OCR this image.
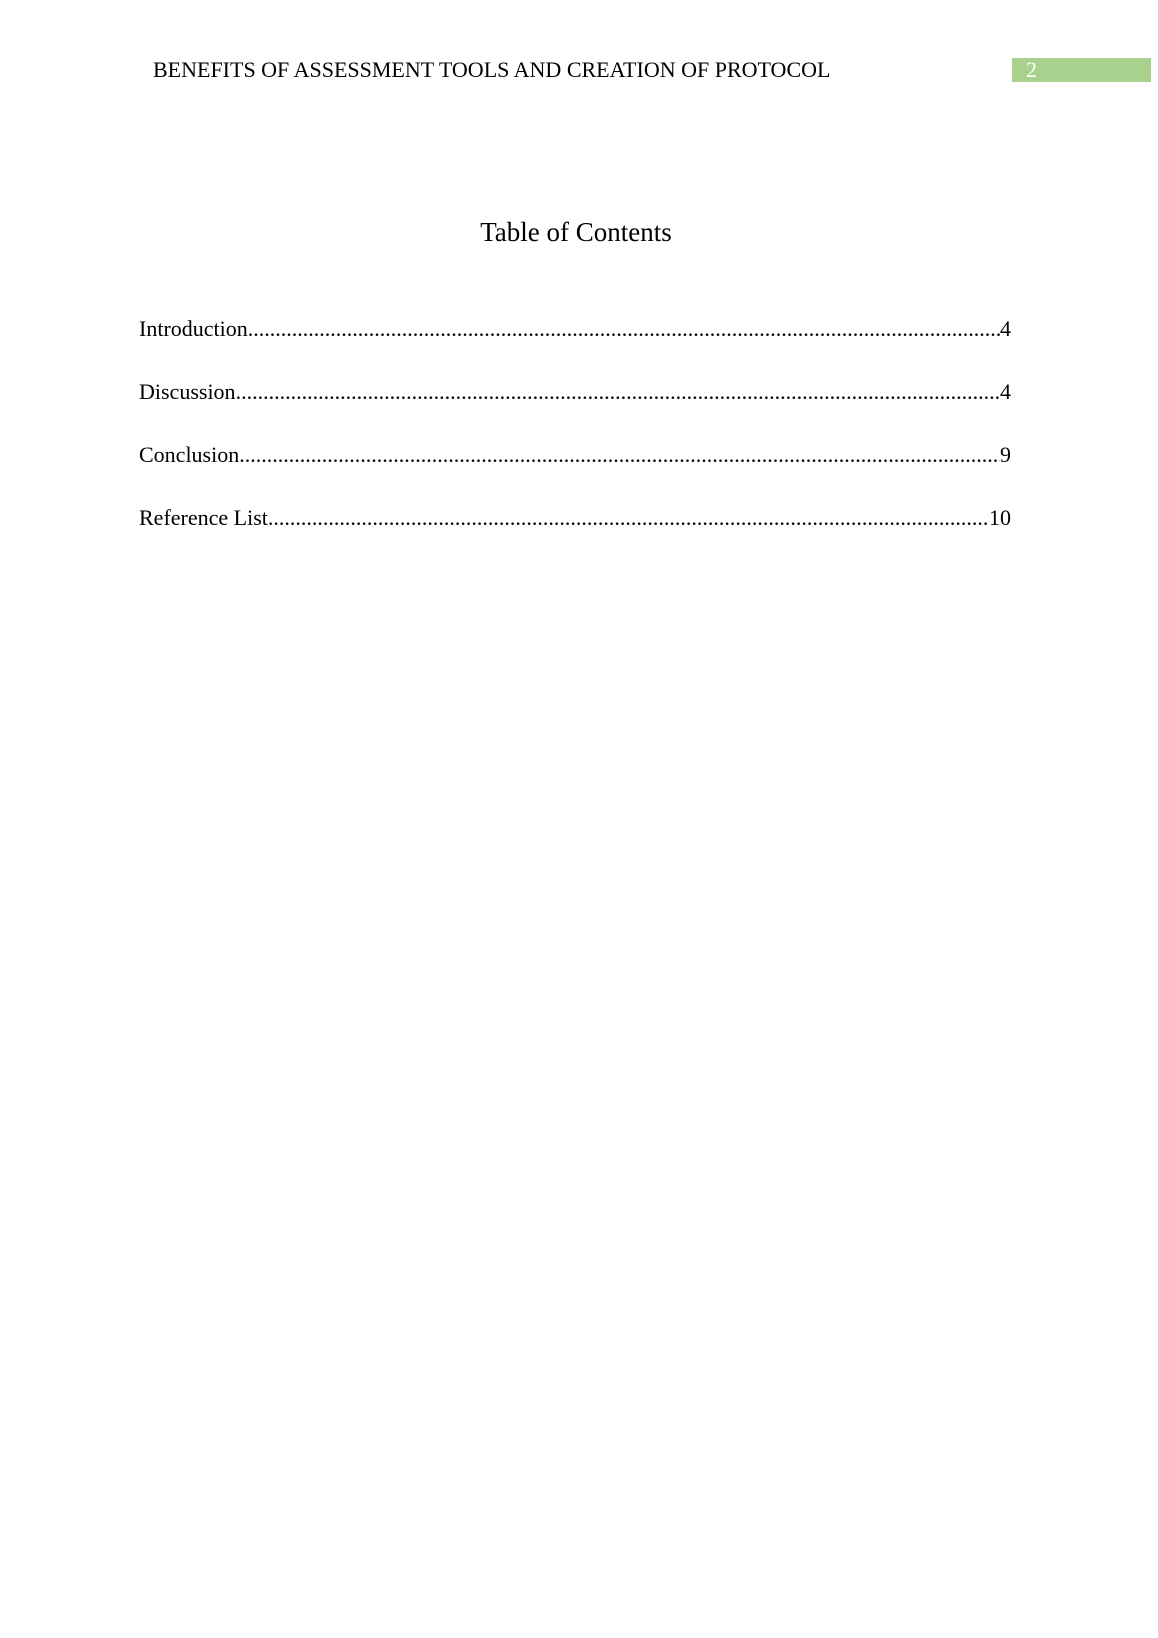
BENEFITS OF ASSESSMENT TOOLS AND CREATION OF PROTOCOL	2
Table of Contents
Introduction .....	4
Discussion .....	4
Conclusion .....	9
Reference List .....	10
